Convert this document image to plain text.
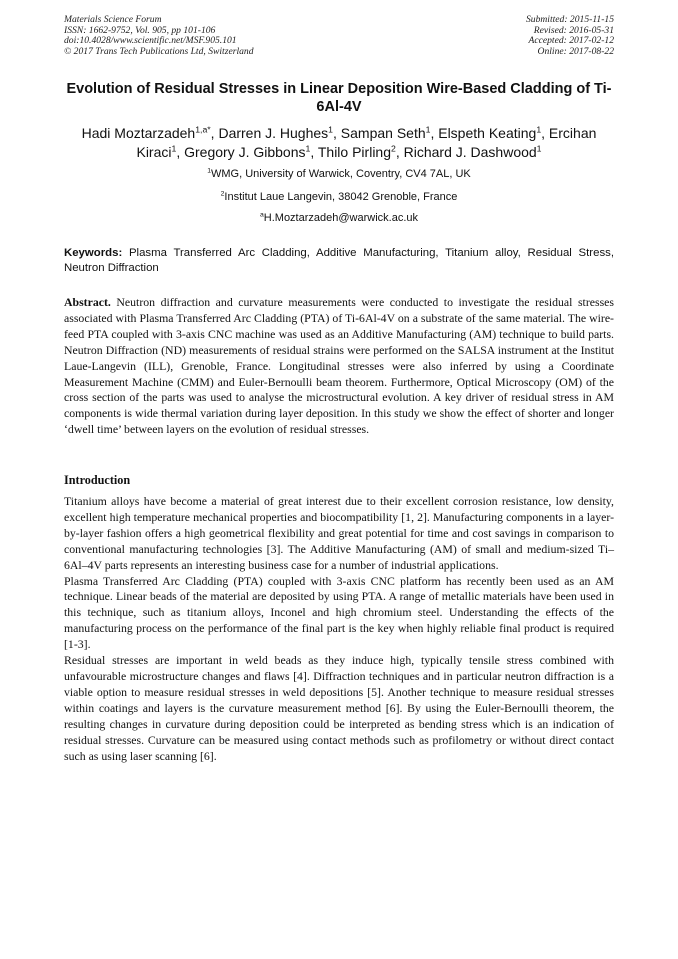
Materials Science Forum
ISSN: 1662-9752, Vol. 905, pp 101-106
doi:10.4028/www.scientific.net/MSF.905.101
© 2017 Trans Tech Publications Ltd, Switzerland
Submitted: 2015-11-15
Revised: 2016-05-31
Accepted: 2017-02-12
Online: 2017-08-22
Evolution of Residual Stresses in Linear Deposition Wire-Based Cladding of Ti-6Al-4V
Hadi Moztarzadeh$^{1,a*}$, Darren J. Hughes$^1$, Sampan Seth$^1$, Elspeth Keating$^1$, Ercihan Kiraci$^1$, Gregory J. Gibbons$^1$, Thilo Pirling$^2$, Richard J. Dashwood$^1$
$^1$WMG, University of Warwick, Coventry, CV4 7AL, UK
$^2$Institut Laue Langevin, 38042 Grenoble, France
$^a$H.Moztarzadeh@warwick.ac.uk
Keywords: Plasma Transferred Arc Cladding, Additive Manufacturing, Titanium alloy, Residual Stress, Neutron Diffraction

Abstract. Neutron diffraction and curvature measurements were conducted to investigate the residual stresses associated with Plasma Transferred Arc Cladding (PTA) of Ti-6Al-4V on a substrate of the same material. The wire-feed PTA coupled with 3-axis CNC machine was used as an Additive Manufacturing (AM) technique to build parts. Neutron Diffraction (ND) measurements of residual strains were performed on the SALSA instrument at the Institut Laue-Langevin (ILL), Grenoble, France. Longitudinal stresses were also inferred by using a Coordinate Measurement Machine (CMM) and Euler-Bernoulli beam theorem. Furthermore, Optical Microscopy (OM) of the cross section of the parts was used to analyse the microstructural evolution. A key driver of residual stress in AM components is wide thermal variation during layer deposition. In this study we show the effect of shorter and longer ‘dwell time’ between layers on the evolution of residual stresses.

Introduction

Titanium alloys have become a material of great interest due to their excellent corrosion resistance, low density, excellent high temperature mechanical properties and biocompatibility [1, 2]. Manufacturing components in a layer-by-layer fashion offers a high geometrical flexibility and great potential for time and cost savings in comparison to conventional manufacturing technologies [3]. The Additive Manufacturing (AM) of small and medium-sized Ti–6Al–4V parts represents an interesting business case for a number of industrial applications.

Plasma Transferred Arc Cladding (PTA) coupled with 3-axis CNC platform has recently been used as an AM technique. Linear beads of the material are deposited by using PTA. A range of metallic materials have been used in this technique, such as titanium alloys, Inconel and high chromium steel. Understanding the effects of the manufacturing process on the performance of the final part is the key when highly reliable final product is required [1-3].

Residual stresses are important in weld beads as they induce high, typically tensile stress combined with unfavourable microstructure changes and flaws [4]. Diffraction techniques and in particular neutron diffraction is a viable option to measure residual stresses in weld depositions [5]. Another technique to measure residual stresses within coatings and layers is the curvature measurement method [6]. By using the Euler-Bernoulli theorem, the resulting changes in curvature during deposition could be interpreted as bending stress which is an indication of residual stresses. Curvature can be measured using contact methods such as profilometry or without direct contact such as using laser scanning [6].
